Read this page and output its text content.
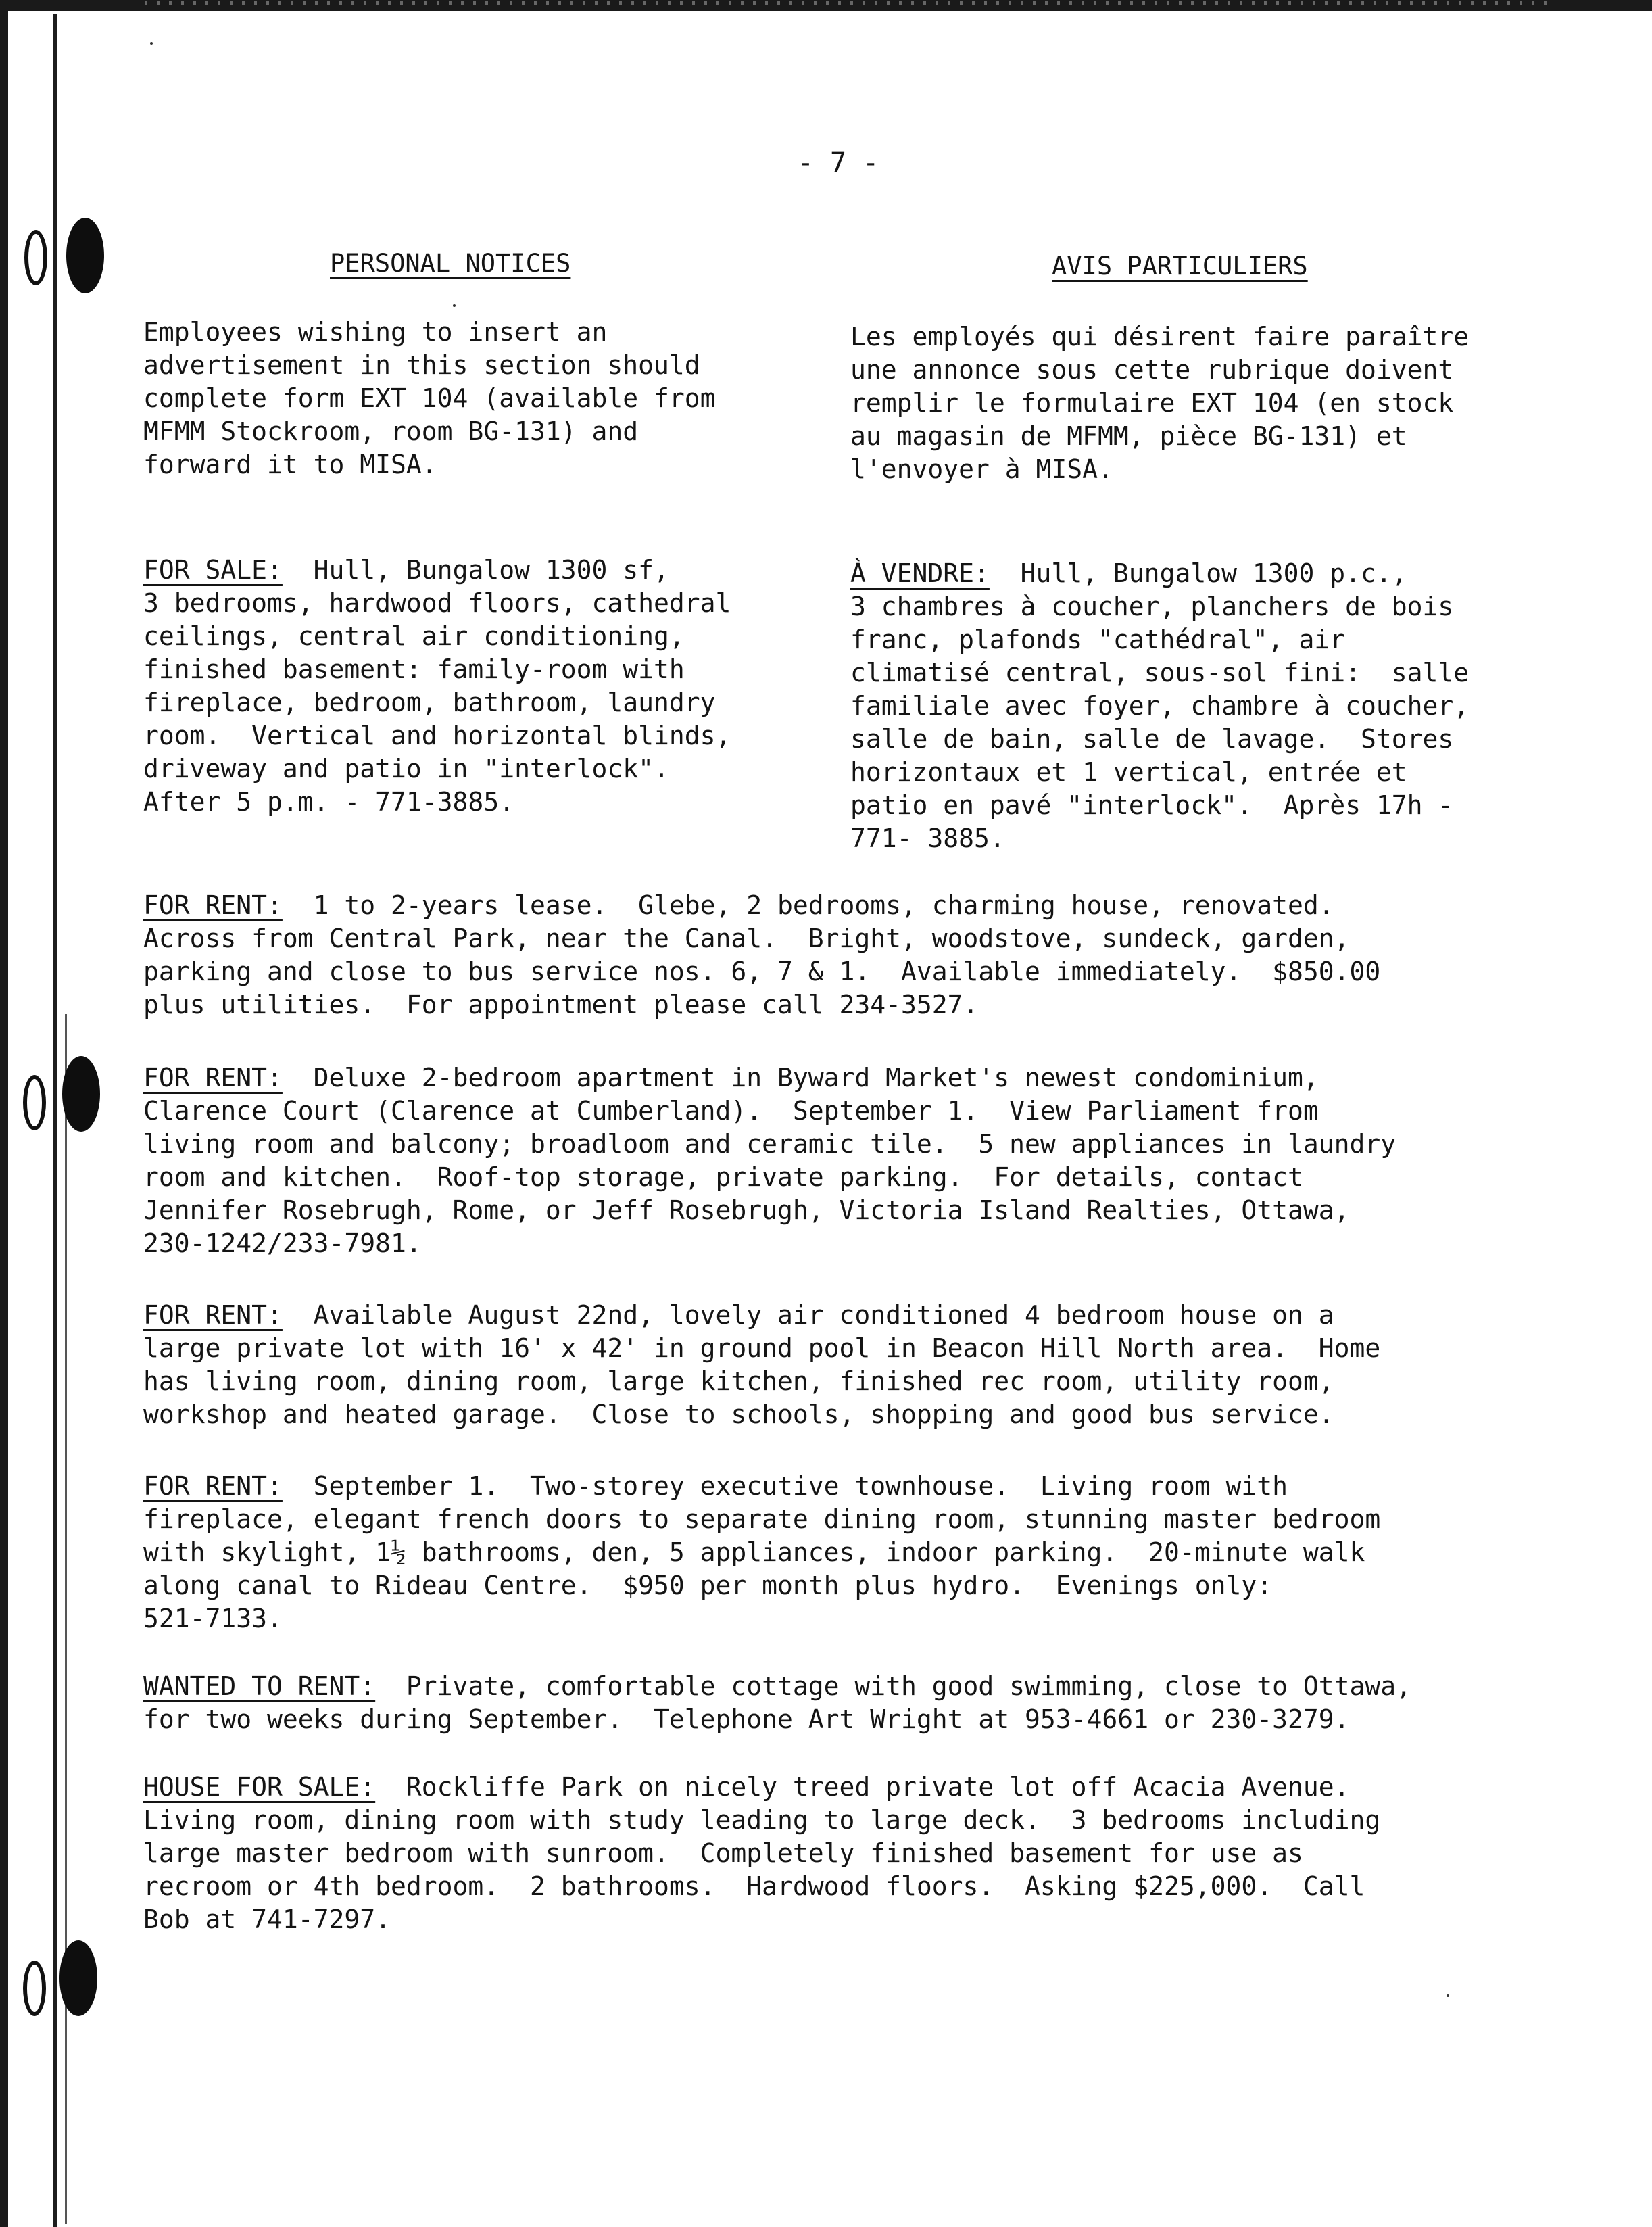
- 7 -
PERSONAL NOTICES
Employees wishing to insert an
advertisement in this section should
complete form EXT 104 (available from
MFMM Stockroom, room BG-131) and
forward it to MISA.
FOR SALE:  Hull, Bungalow 1300 sf,
3 bedrooms, hardwood floors, cathedral
ceilings, central air conditioning,
finished basement: family-room with
fireplace, bedroom, bathroom, laundry
room.  Vertical and horizontal blinds,
driveway and patio in "interlock".
After 5 p.m. - 771-3885.
AVIS PARTICULIERS
Les employés qui désirent faire paraître
une annonce sous cette rubrique doivent
remplir le formulaire EXT 104 (en stock
au magasin de MFMM, pièce BG-131) et
l'envoyer à MISA.
À VENDRE:  Hull, Bungalow 1300 p.c.,
3 chambres à coucher, planchers de bois
franc, plafonds "cathédral", air
climatisé central, sous-sol fini:  salle
familiale avec foyer, chambre à coucher,
salle de bain, salle de lavage.  Stores
horizontaux et 1 vertical, entrée et
patio en pavé "interlock".  Après 17h -
771- 3885.
FOR RENT:  1 to 2-years lease.  Glebe, 2 bedrooms, charming house, renovated.
Across from Central Park, near the Canal.  Bright, woodstove, sundeck, garden,
parking and close to bus service nos. 6, 7 & 1.  Available immediately.  $850.00
plus utilities.  For appointment please call 234-3527.
FOR RENT:  Deluxe 2-bedroom apartment in Byward Market's newest condominium,
Clarence Court (Clarence at Cumberland).  September 1.  View Parliament from
living room and balcony; broadloom and ceramic tile.  5 new appliances in laundry
room and kitchen.  Roof-top storage, private parking.  For details, contact
Jennifer Rosebrugh, Rome, or Jeff Rosebrugh, Victoria Island Realties, Ottawa,
230-1242/233-7981.
FOR RENT:  Available August 22nd, lovely air conditioned 4 bedroom house on a
large private lot with 16' x 42' in ground pool in Beacon Hill North area.  Home
has living room, dining room, large kitchen, finished rec room, utility room,
workshop and heated garage.  Close to schools, shopping and good bus service.
FOR RENT:  September 1.  Two-storey executive townhouse.  Living room with
fireplace, elegant french doors to separate dining room, stunning master bedroom
with skylight, 1½ bathrooms, den, 5 appliances, indoor parking.  20-minute walk
along canal to Rideau Centre.  $950 per month plus hydro.  Evenings only:
521-7133.
WANTED TO RENT:  Private, comfortable cottage with good swimming, close to Ottawa,
for two weeks during September.  Telephone Art Wright at 953-4661 or 230-3279.
HOUSE FOR SALE:  Rockliffe Park on nicely treed private lot off Acacia Avenue.
Living room, dining room with study leading to large deck.  3 bedrooms including
large master bedroom with sunroom.  Completely finished basement for use as
recroom or 4th bedroom.  2 bathrooms.  Hardwood floors.  Asking $225,000.  Call
Bob at 741-7297.
